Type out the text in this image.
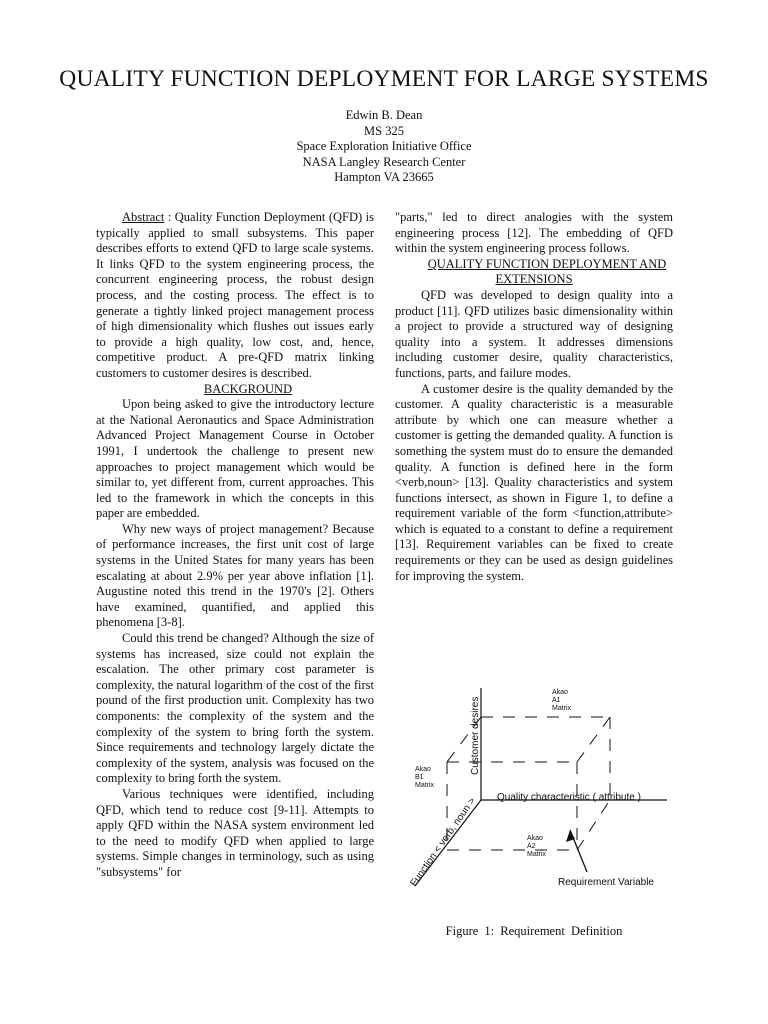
QUALITY FUNCTION DEPLOYMENT FOR LARGE SYSTEMS
Edwin B. Dean
MS 325
Space Exploration Initiative Office
NASA Langley Research Center
Hampton VA 23665

Abstract : Quality Function Deployment (QFD) is typically applied to small subsystems. This paper describes efforts to extend QFD to large scale systems. It links QFD to the system engineering process, the concurrent engineering process, the robust design process, and the costing process. The effect is to generate a tightly linked project management process of high dimensionality which flushes out issues early to provide a high quality, low cost, and, hence, competitive product. A pre-QFD matrix linking customers to customer desires is described.

BACKGROUND

Upon being asked to give the introductory lecture at the National Aeronautics and Space Administration Advanced Project Management Course in October 1991, I undertook the challenge to present new approaches to project management which would be similar to, yet different from, current approaches. This led to the framework in which the concepts in this paper are embedded.

Why new ways of project management? Because of performance increases, the first unit cost of large systems in the United States for many years has been escalating at about 2.9% per year above inflation [1]. Augustine noted this trend in the 1970's [2]. Others have examined, quantified, and applied this phenomena [3-8].

Could this trend be changed? Although the size of systems has increased, size could not explain the escalation. The other primary cost parameter is complexity, the natural logarithm of the cost of the first pound of the first production unit. Complexity has two components: the complexity of the system and the complexity of the system to bring forth the system. Since requirements and technology largely dictate the complexity of the system, analysis was focused on the complexity to bring forth the system.

Various techniques were identified, including QFD, which tend to reduce cost [9-11]. Attempts to apply QFD within the NASA system environment led to the need to modify QFD when applied to large systems. Simple changes in terminology, such as using "subsystems" for

"parts," led to direct analogies with the system engineering process [12]. The embedding of QFD within the system engineering process follows.

QUALITY FUNCTION DEPLOYMENT AND
EXTENSIONS

QFD was developed to design quality into a product [11]. QFD utilizes basic dimensionality within a project to provide a structured way of designing quality into a system. It addresses dimensions including customer desire, quality characteristics, functions, parts, and failure modes.

A customer desire is the quality demanded by the customer. A quality characteristic is a measurable attribute by which one can measure whether a customer is getting the demanded quality. A function is something the system must do to ensure the demanded quality. A function is defined here in the form <verb,noun> [13]. Quality characteristics and system functions intersect, as shown in Figure 1, to define a requirement variable of the form <function,attribute> which is equated to a constant to define a requirement [13]. Requirement variables can be fixed to create requirements or they can be used as design guidelines for improving the system.

Customer desires
Quality characteristic ( attribute )
Function < verb, noun >	Requirement Variable
Akao
A1
Matrix
Akao
B1
Matrix
Akao
A2
Matrix
Figure 1: Requirement Definition
